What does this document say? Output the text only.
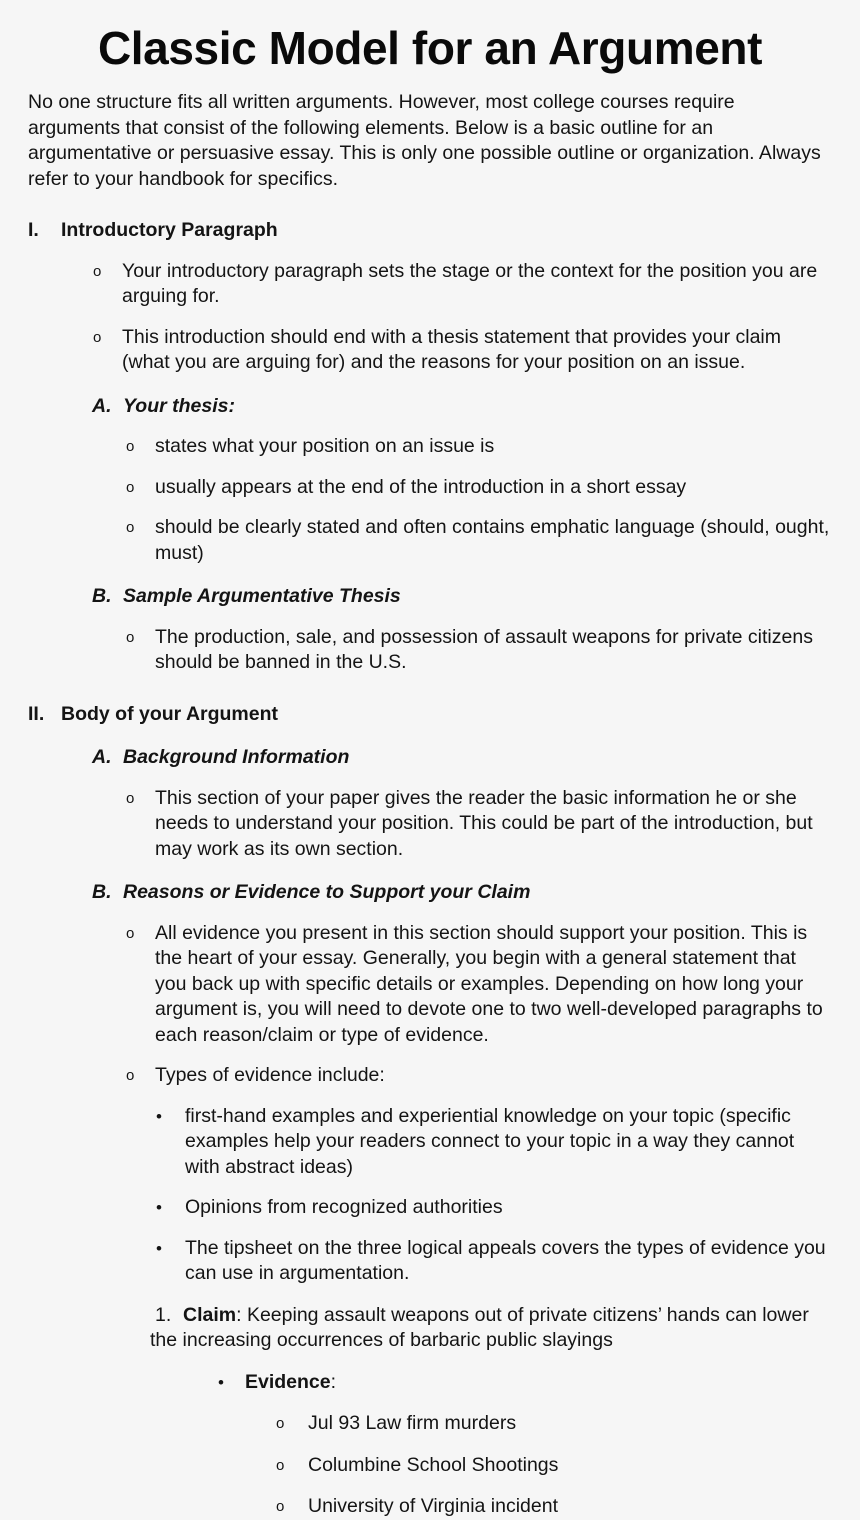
Classic Model for an Argument

No one structure fits all written arguments. However, most college courses require arguments that consist of the following elements. Below is a basic outline for an argumentative or persuasive essay. This is only one possible outline or organization. Always refer to your handbook for specifics.

I. Introductory Paragraph
o Your introductory paragraph sets the stage or the context for the position you are arguing for.
o This introduction should end with a thesis statement that provides your claim (what you are arguing for) and the reasons for your position on an issue.
A. Your thesis:
o states what your position on an issue is
o usually appears at the end of the introduction in a short essay
o should be clearly stated and often contains emphatic language (should, ought, must)
B. Sample Argumentative Thesis
o The production, sale, and possession of assault weapons for private citizens should be banned in the U.S.
II. Body of your Argument
A. Background Information
o This section of your paper gives the reader the basic information he or she needs to understand your position. This could be part of the introduction, but may work as its own section.
B. Reasons or Evidence to Support your Claim
o All evidence you present in this section should support your position. This is the heart of your essay. Generally, you begin with a general statement that you back up with specific details or examples. Depending on how long your argument is, you will need to devote one to two well-developed paragraphs to each reason/claim or type of evidence.
o Types of evidence include:
• first-hand examples and experiential knowledge on your topic (specific examples help your readers connect to your topic in a way they cannot with abstract ideas)
• Opinions from recognized authorities
• The tipsheet on the three logical appeals covers the types of evidence you can use in argumentation.
1. Claim: Keeping assault weapons out of private citizens’ hands can lower the increasing occurrences of barbaric public slayings
• Evidence:
o Jul 93 Law firm murders
o Columbine School Shootings
o University of Virginia incident
